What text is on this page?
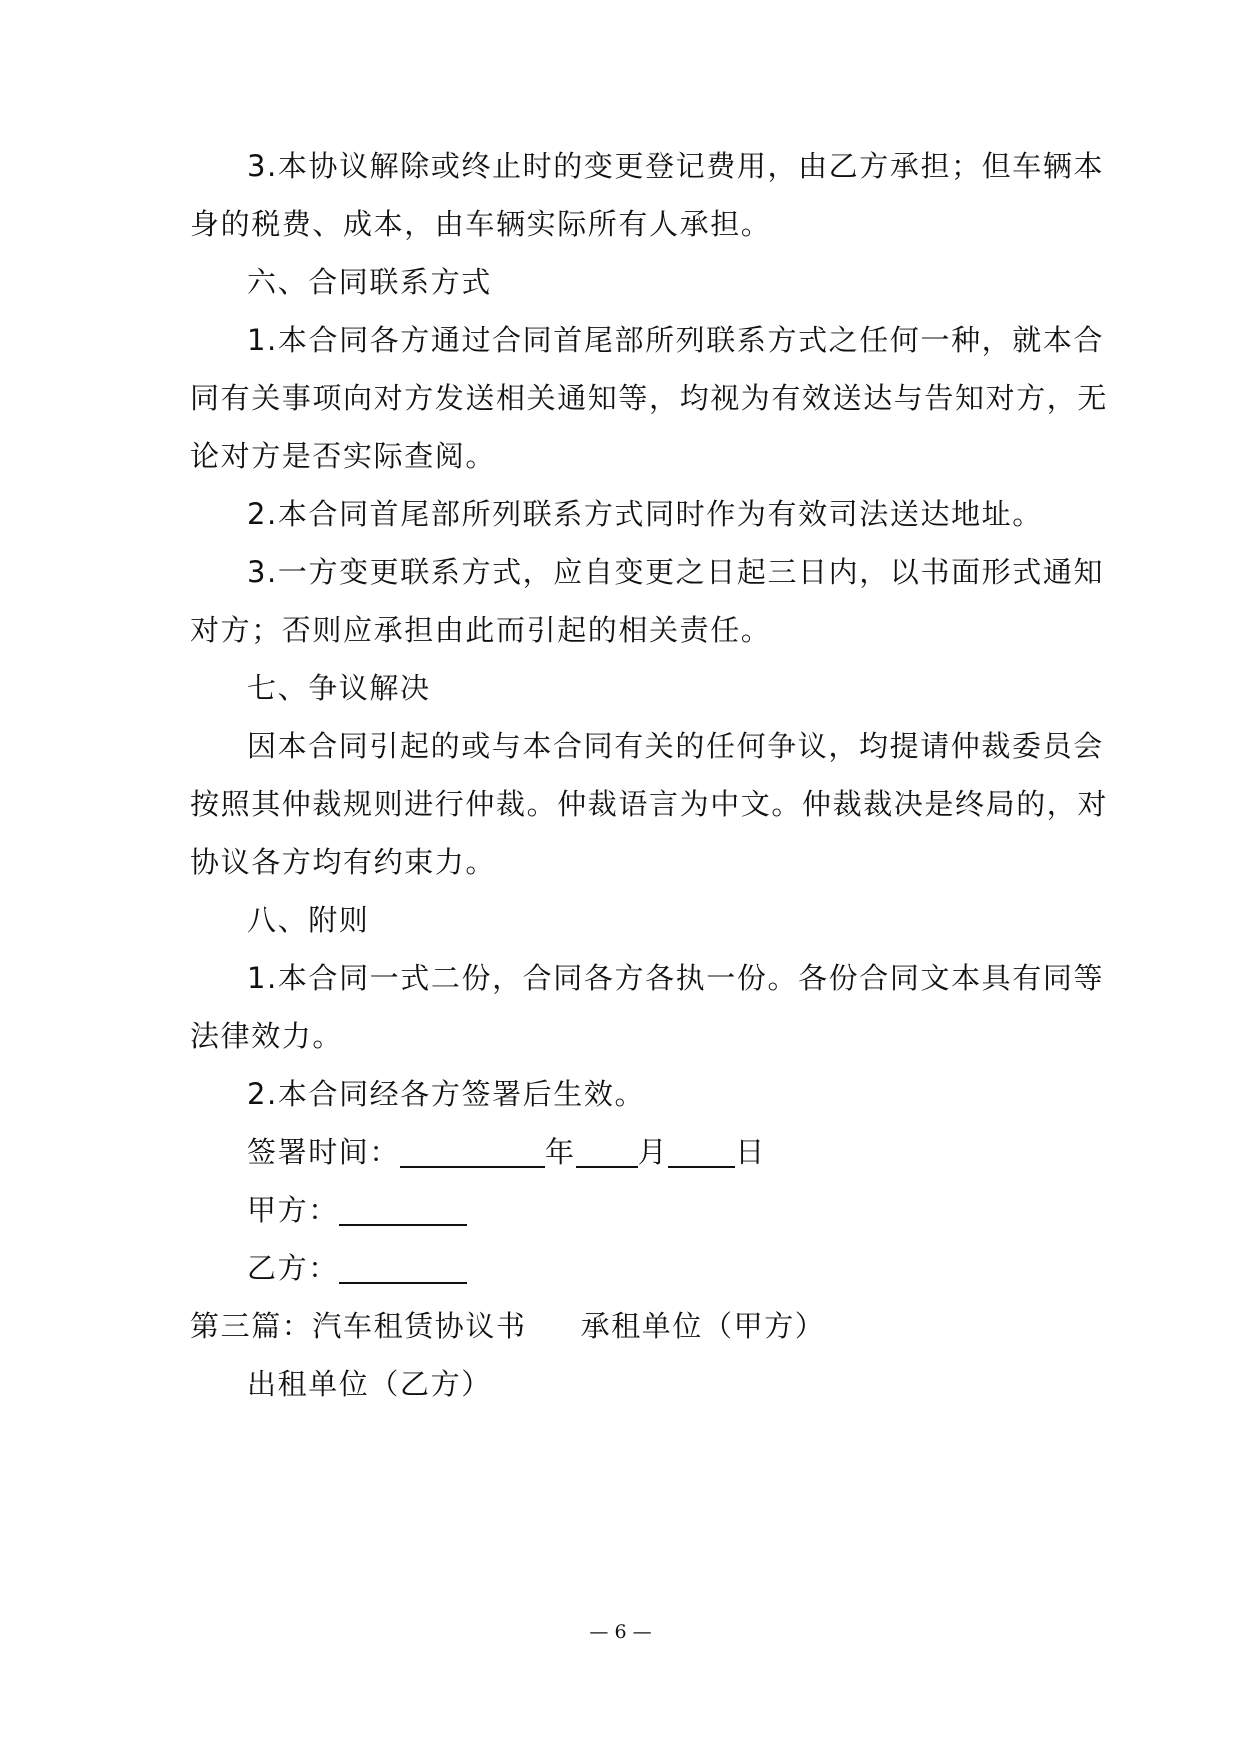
3.本协议解除或终止时的变更登记费用，由乙方承担；但车辆本
身的税费、成本，由车辆实际所有人承担。
六、合同联系方式
1.本合同各方通过合同首尾部所列联系方式之任何一种，就本合
同有关事项向对方发送相关通知等，均视为有效送达与告知对方，无
论对方是否实际查阅。
2.本合同首尾部所列联系方式同时作为有效司法送达地址。
3.一方变更联系方式，应自变更之日起三日内，以书面形式通知
对方；否则应承担由此而引起的相关责任。
七、争议解决
因本合同引起的或与本合同有关的任何争议，均提请仲裁委员会
按照其仲裁规则进行仲裁。仲裁语言为中文。仲裁裁决是终局的，对
协议各方均有约束力。
八、附则
1.本合同一式二份，合同各方各执一份。各份合同文本具有同等
法律效力。
2.本合同经各方签署后生效。
签署时间：	年 月 日
甲方：
乙方：
第三篇：汽车租赁协议书 承租单位（甲方）
出租单位（乙方）
— 6 —
